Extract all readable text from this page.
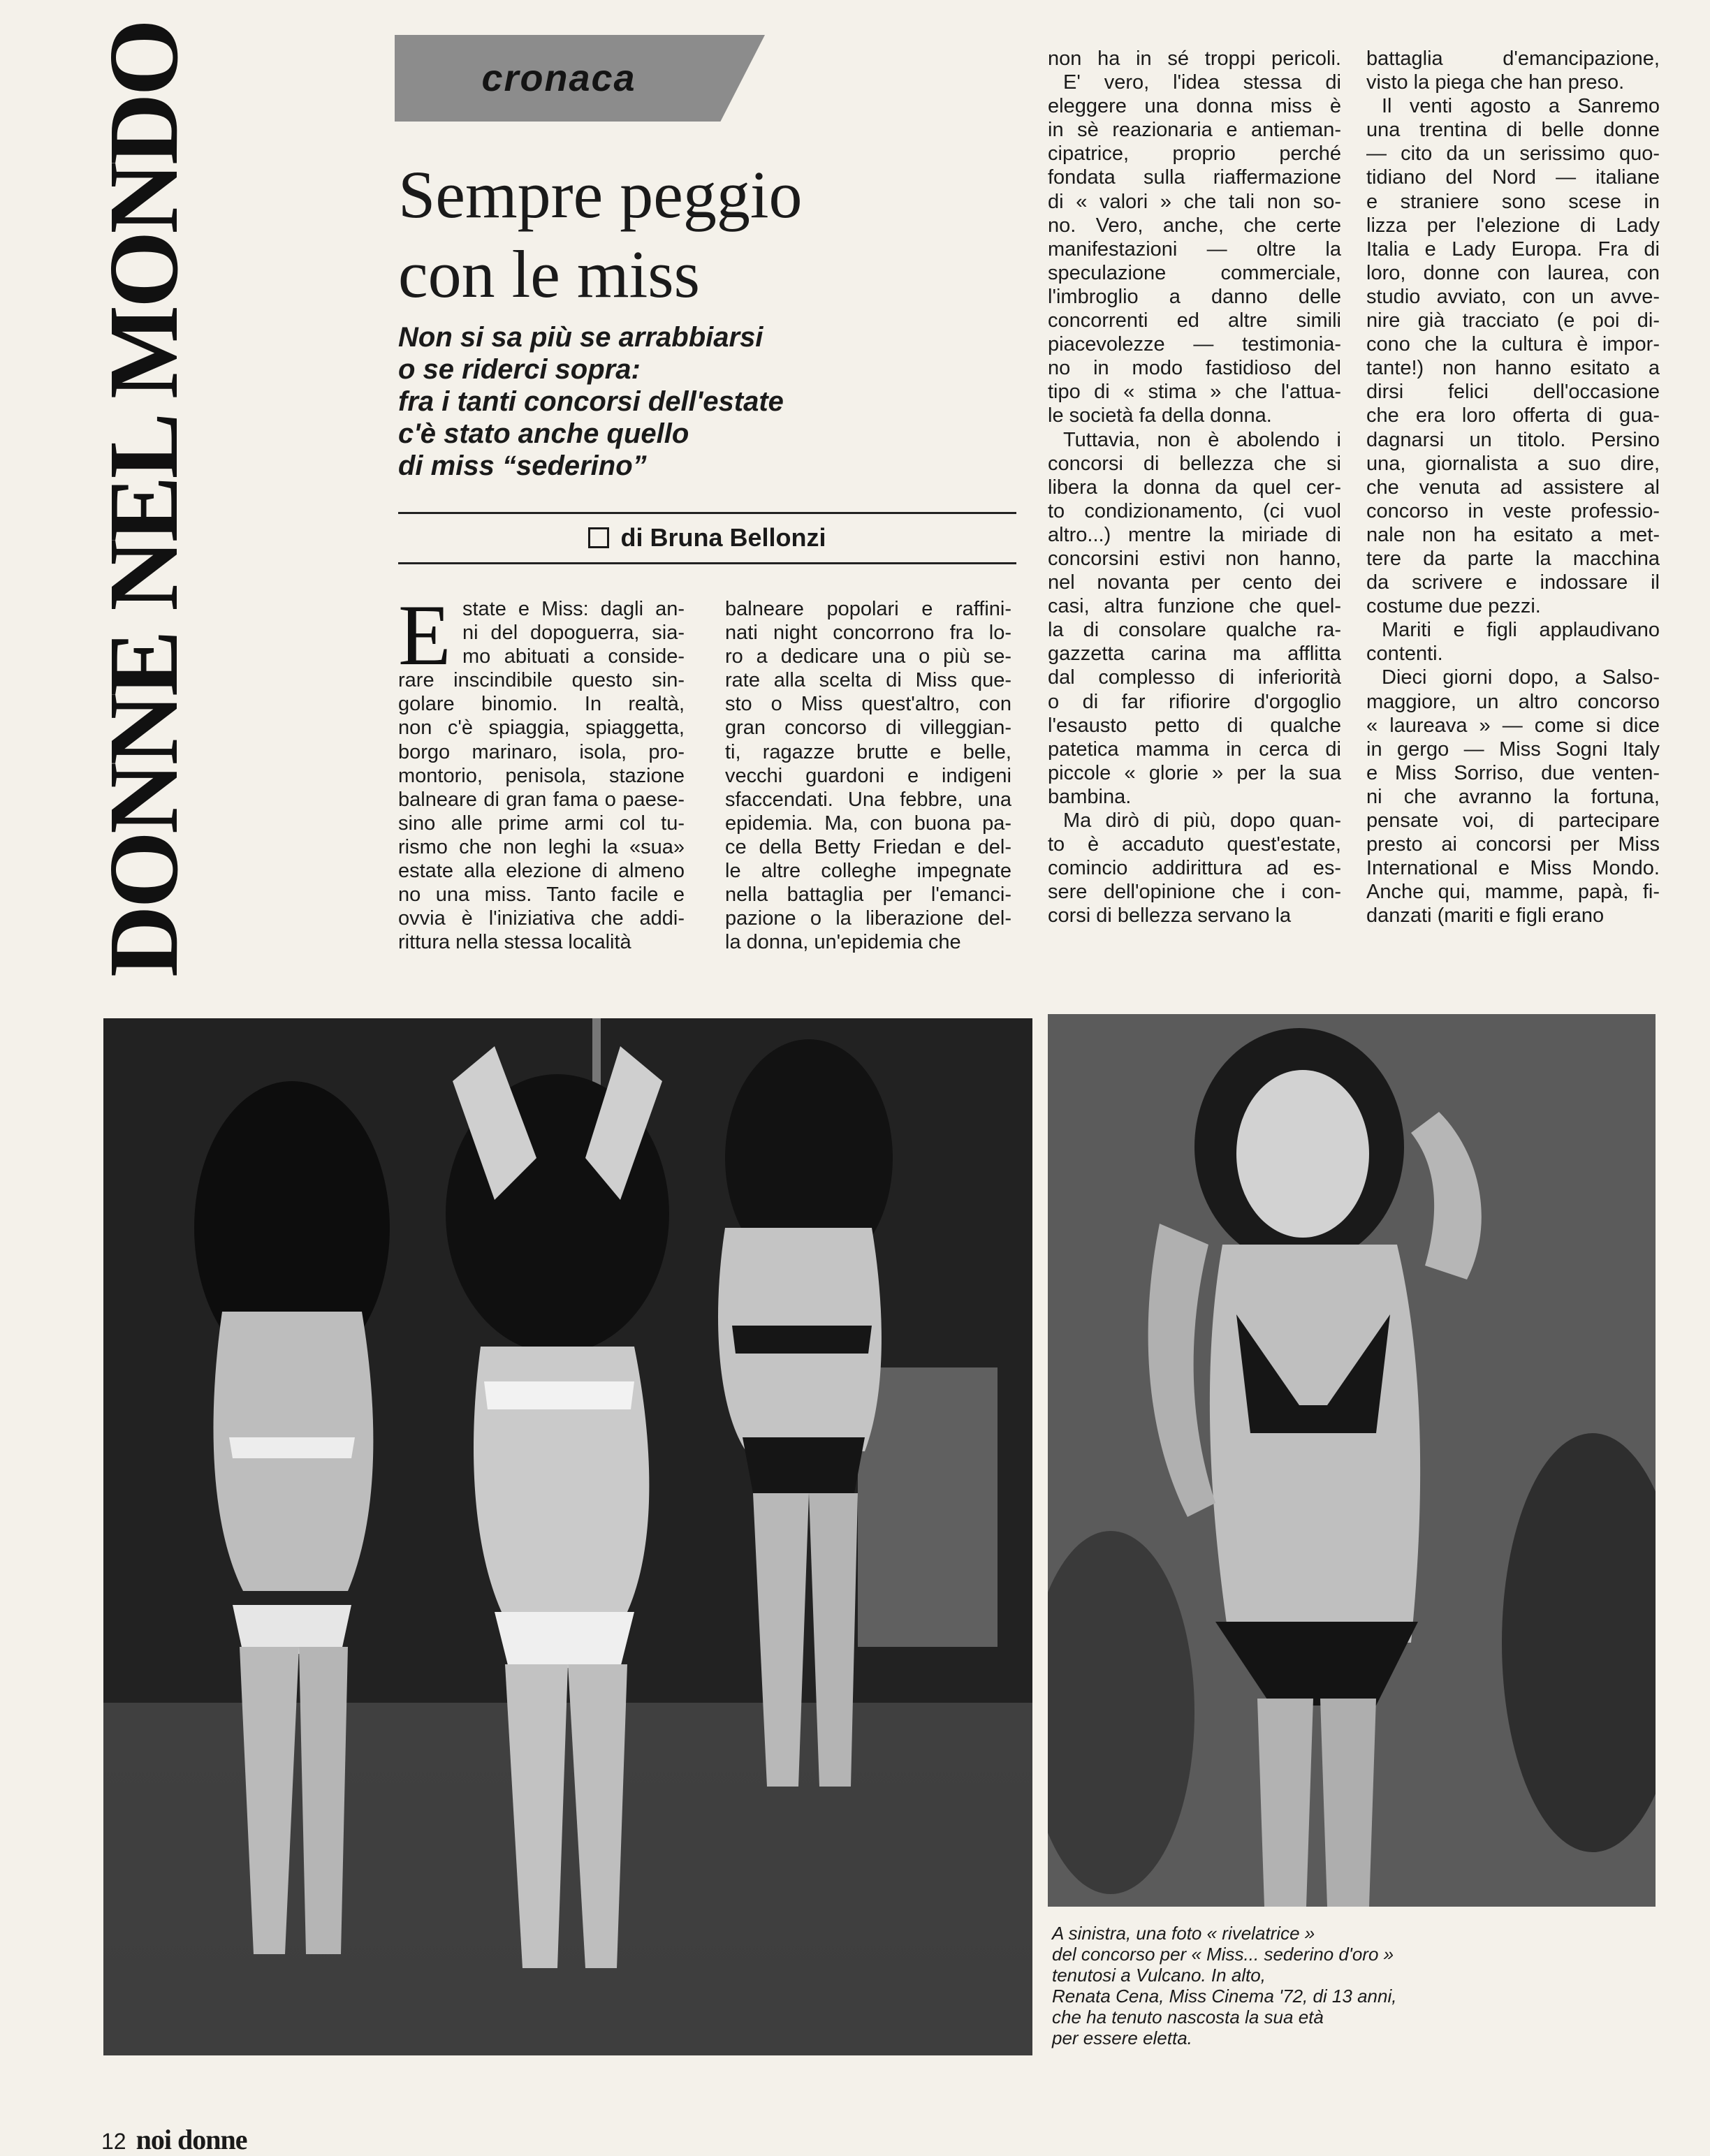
DONNE NEL MONDO	cronaca
Sempre peggio
con le miss
Non si sa più se arrabbiarsi
o se riderci sopra:
fra i tanti concorsi dell'estate
c'è stato anche quello
di miss “sederino”
di Bruna Bellonzi
E state e Miss: dagli an-

ni del dopoguerra, sia-

mo abituati a conside-

rare inscindibile questo sin-

golare binomio. In realtà,

non c'è spiaggia, spiaggetta,

borgo marinaro, isola, pro-

montorio, penisola, stazione

balneare di gran fama o paese-

sino alle prime armi col tu-

rismo che non leghi la «sua»

estate alla elezione di almeno

no una miss. Tanto facile e

ovvia è l'iniziativa che addi-

rittura nella stessa località

balneare popolari e raffini-

nati night concorrono fra lo-

ro a dedicare una o più se-

rate alla scelta di Miss que-

sto o Miss quest'altro, con

gran concorso di villeggian-

ti, ragazze brutte e belle,

vecchi guardoni e indigeni

sfaccendati. Una febbre, una

epidemia. Ma, con buona pa-

ce della Betty Friedan e del-

le altre colleghe impegnate

nella battaglia per l'emanci-

pazione o la liberazione del-

la donna, un'epidemia che

non ha in sé troppi pericoli.

E' vero, l'idea stessa di

eleggere una donna miss è

in sè reazionaria e antieman-

cipatrice, proprio perché

fondata sulla riaffermazione

di « valori » che tali non so-

no. Vero, anche, che certe

manifestazioni — oltre la

speculazione commerciale,

l'imbroglio a danno delle

concorrenti ed altre simili

piacevolezze — testimonia-

no in modo fastidioso del

tipo di « stima » che l'attua-

le società fa della donna.

Tuttavia, non è abolendo i

concorsi di bellezza che si

libera la donna da quel cer-

to condizionamento, (ci vuol

altro...) mentre la miriade di

concorsini estivi non hanno,

nel novanta per cento dei

casi, altra funzione che quel-

la di consolare qualche ra-

gazzetta carina ma afflitta

dal complesso di inferiorità

o di far rifiorire d'orgoglio

l'esausto petto di qualche

patetica mamma in cerca di

piccole « glorie » per la sua

bambina.

Ma dirò di più, dopo quan-

to è accaduto quest'estate,

comincio addirittura ad es-

sere dell'opinione che i con-

corsi di bellezza servano la

battaglia d'emancipazione,

visto la piega che han preso.

Il venti agosto a Sanremo

una trentina di belle donne

— cito da un serissimo quo-

tidiano del Nord — italiane

e straniere sono scese in

lizza per l'elezione di Lady

Italia e Lady Europa. Fra di

loro, donne con laurea, con

studio avviato, con un avve-

nire già tracciato (e poi di-

cono che la cultura è impor-

tante!) non hanno esitato a

dirsi felici dell'occasione

che era loro offerta di gua-

dagnarsi un titolo. Persino

una, giornalista a suo dire,

che venuta ad assistere al

concorso in veste professio-

nale non ha esitato a met-

tere da parte la macchina

da scrivere e indossare il

costume due pezzi.

Mariti e figli applaudivano

contenti.

Dieci giorni dopo, a Salso-

maggiore, un altro concorso

« laureava » — come si dice

in gergo — Miss Sogni Italy

e Miss Sorriso, due venten-

ni che avranno la fortuna,

pensate voi, di partecipare

presto ai concorsi per Miss

International e Miss Mondo.

Anche qui, mamme, papà, fi-

danzati (mariti e figli erano

A sinistra, una foto « rivelatrice »
del concorso per « Miss... sederino d'oro »
tenutosi a Vulcano. In alto,
Renata Cena, Miss Cinema '72, di 13 anni,
che ha tenuto nascosta la sua età
per essere eletta.
12 noi donne
